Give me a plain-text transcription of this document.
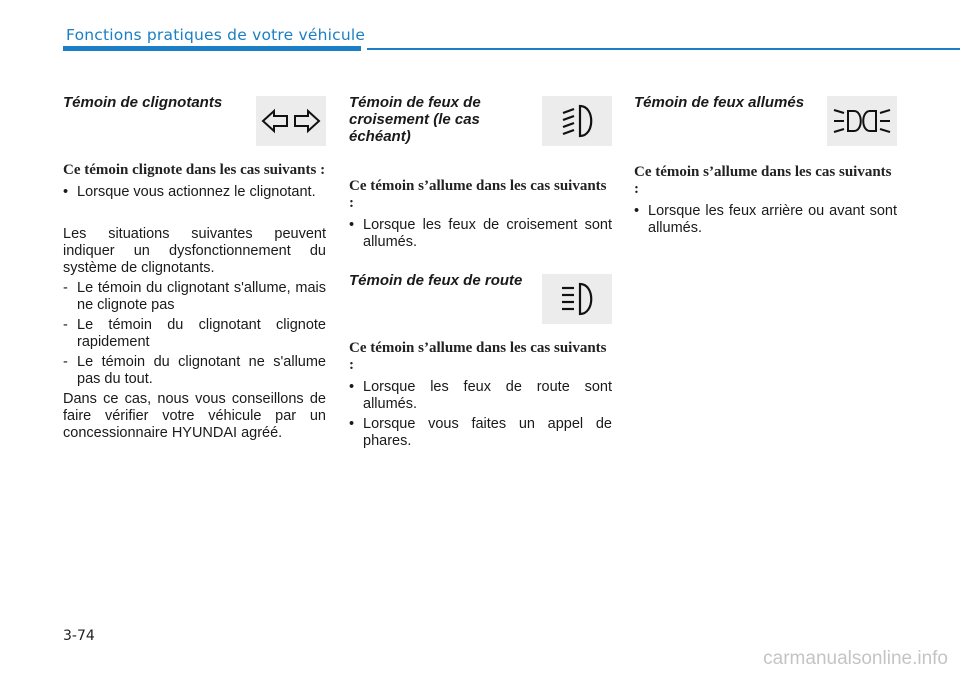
Fonctions pratiques de votre véhicule
Témoin de clignotants
Ce témoin clignote dans les cas suivants :
• Lorsque vous actionnez le clignotant.
Les situations suivantes peuvent indiquer un dysfonctionnement du système de clignotants.
- Le témoin du clignotant s'allume, mais ne clignote pas
- Le témoin du clignotant clignote rapidement
- Le témoin du clignotant ne s'allume pas du tout.
Dans ce cas, nous vous conseillons de faire vérifier votre véhicule par un concessionnaire HYUNDAI agréé.
Témoin de feux de croisement (le cas échéant)
Ce témoin s’allume dans les cas suivants :
• Lorsque les feux de croisement sont allumés.
Témoin de feux de route
Ce témoin s’allume dans les cas suivants :
• Lorsque les feux de route sont allumés.
• Lorsque vous faites un appel de phares.
Témoin de feux allumés
Ce témoin s’allume dans les cas suivants :
• Lorsque les feux arrière ou avant sont allumés.
3-74
carmanualsonline.info
